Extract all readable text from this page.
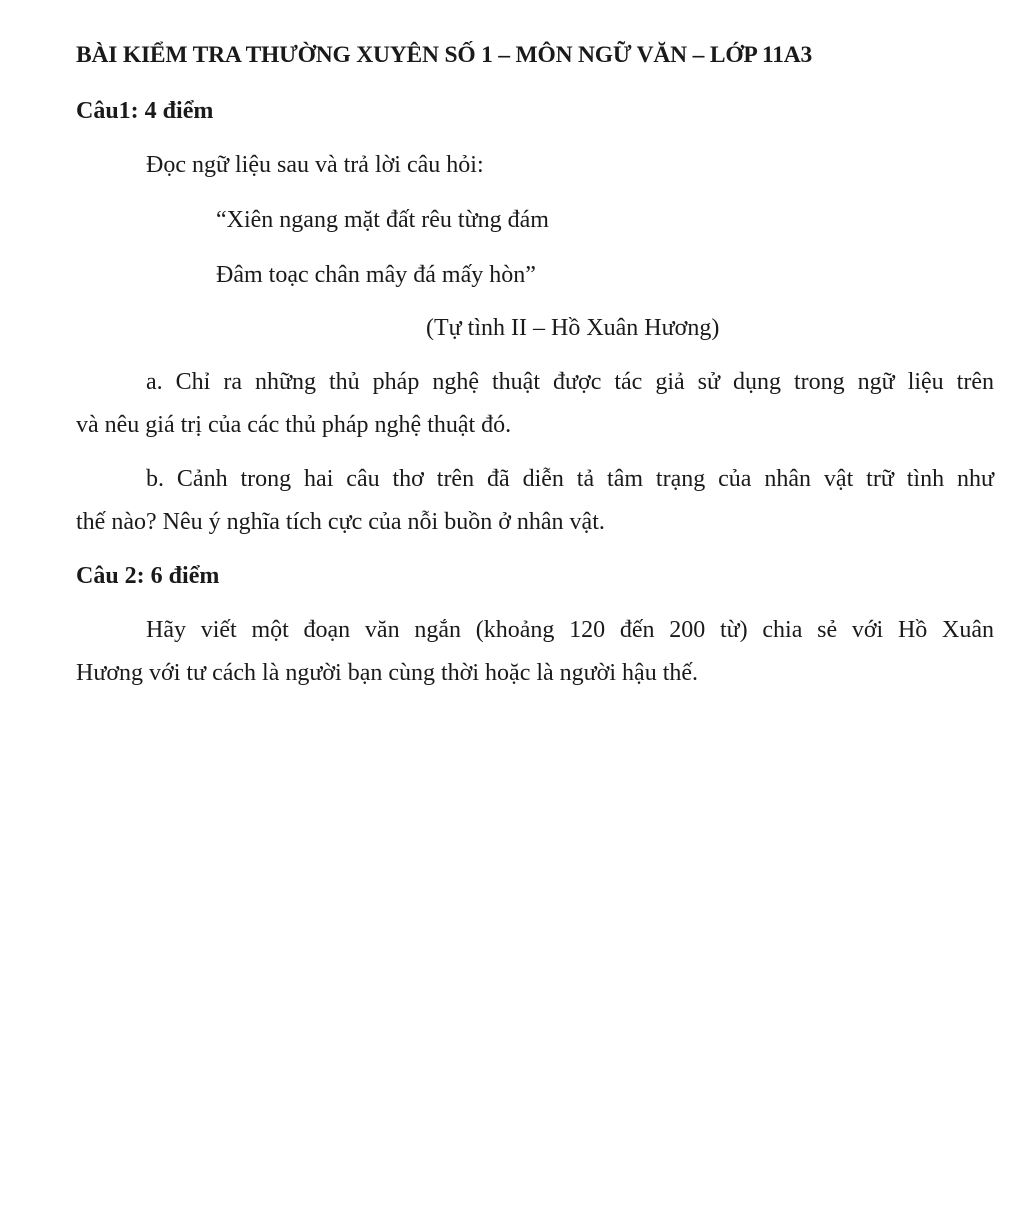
BÀI KIỂM TRA THƯỜNG XUYÊN SỐ 1 – MÔN NGỮ VĂN – LỚP 11A3
Câu1: 4 điểm
Đọc ngữ liệu sau và trả lời câu hỏi:
“Xiên ngang mặt đất rêu từng đám
Đâm toạc chân mây đá mấy hòn”
(Tự tình II – Hồ Xuân Hương)
a. Chỉ ra những thủ pháp nghệ thuật được tác giả sử dụng trong ngữ liệu trên
và nêu giá trị của các thủ pháp nghệ thuật đó.
b. Cảnh trong hai câu thơ trên đã diễn tả tâm trạng của nhân vật trữ tình như
thế nào? Nêu ý nghĩa tích cực của nỗi buồn ở nhân vật.
Câu 2: 6 điểm
Hãy viết một đoạn văn ngắn (khoảng 120 đến 200 từ) chia sẻ với Hồ Xuân
Hương với tư cách là người bạn cùng thời hoặc là người hậu thế.
